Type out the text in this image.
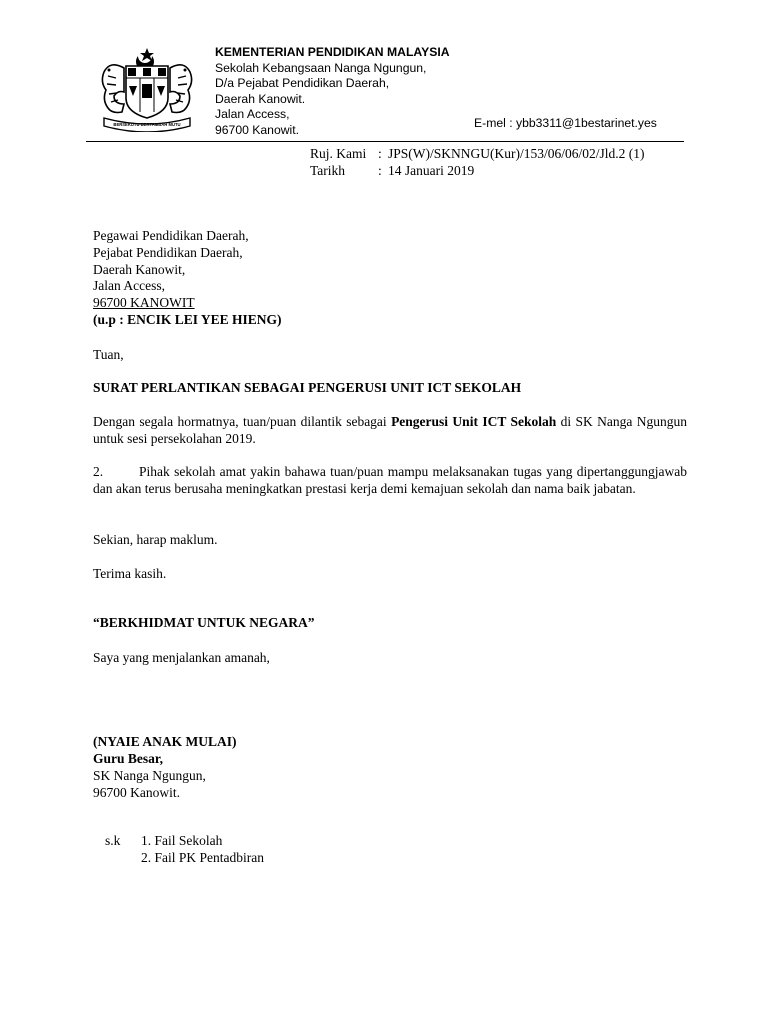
BERSEKUTU BERTAMBAH MUTU
KEMENTERIAN PENDIDIKAN MALAYSIA
Sekolah Kebangsaan Nanga Ngungun,
D/a Pejabat Pendidikan Daerah,
Daerah Kanowit.
Jalan Access,
96700 Kanowit.	E-mel : ybb3311@1bestarinet.yes
Ruj. Kami : JPS(W)/SKNNGU(Kur)/153/06/06/02/Jld.2 (1)
Tarikh	: 14 Januari 2019
Pegawai Pendidikan Daerah,
Pejabat Pendidikan Daerah,
Daerah Kanowit,
Jalan Access,
96700 KANOWIT
(u.p : ENCIK LEI YEE HIENG)
Tuan,
SURAT PERLANTIKAN SEBAGAI PENGERUSI UNIT ICT SEKOLAH

Dengan segala hormatnya, tuan/puan dilantik sebagai Pengerusi Unit ICT Sekolah di SK Nanga Ngungun untuk sesi persekolahan 2019.

2.	Pihak sekolah amat yakin bahawa tuan/puan mampu melaksanakan tugas yang dipertanggungjawab dan akan terus berusaha meningkatkan prestasi kerja demi kemajuan sekolah dan nama baik jabatan.

Sekian, harap maklum.
Terima kasih.
“BERKHIDMAT UNTUK NEGARA”
Saya yang menjalankan amanah,
(NYAIE ANAK MULAI)
Guru Besar,
SK Nanga Ngungun,
96700 Kanowit.
s.k	1. Fail Sekolah
2. Fail PK Pentadbiran
